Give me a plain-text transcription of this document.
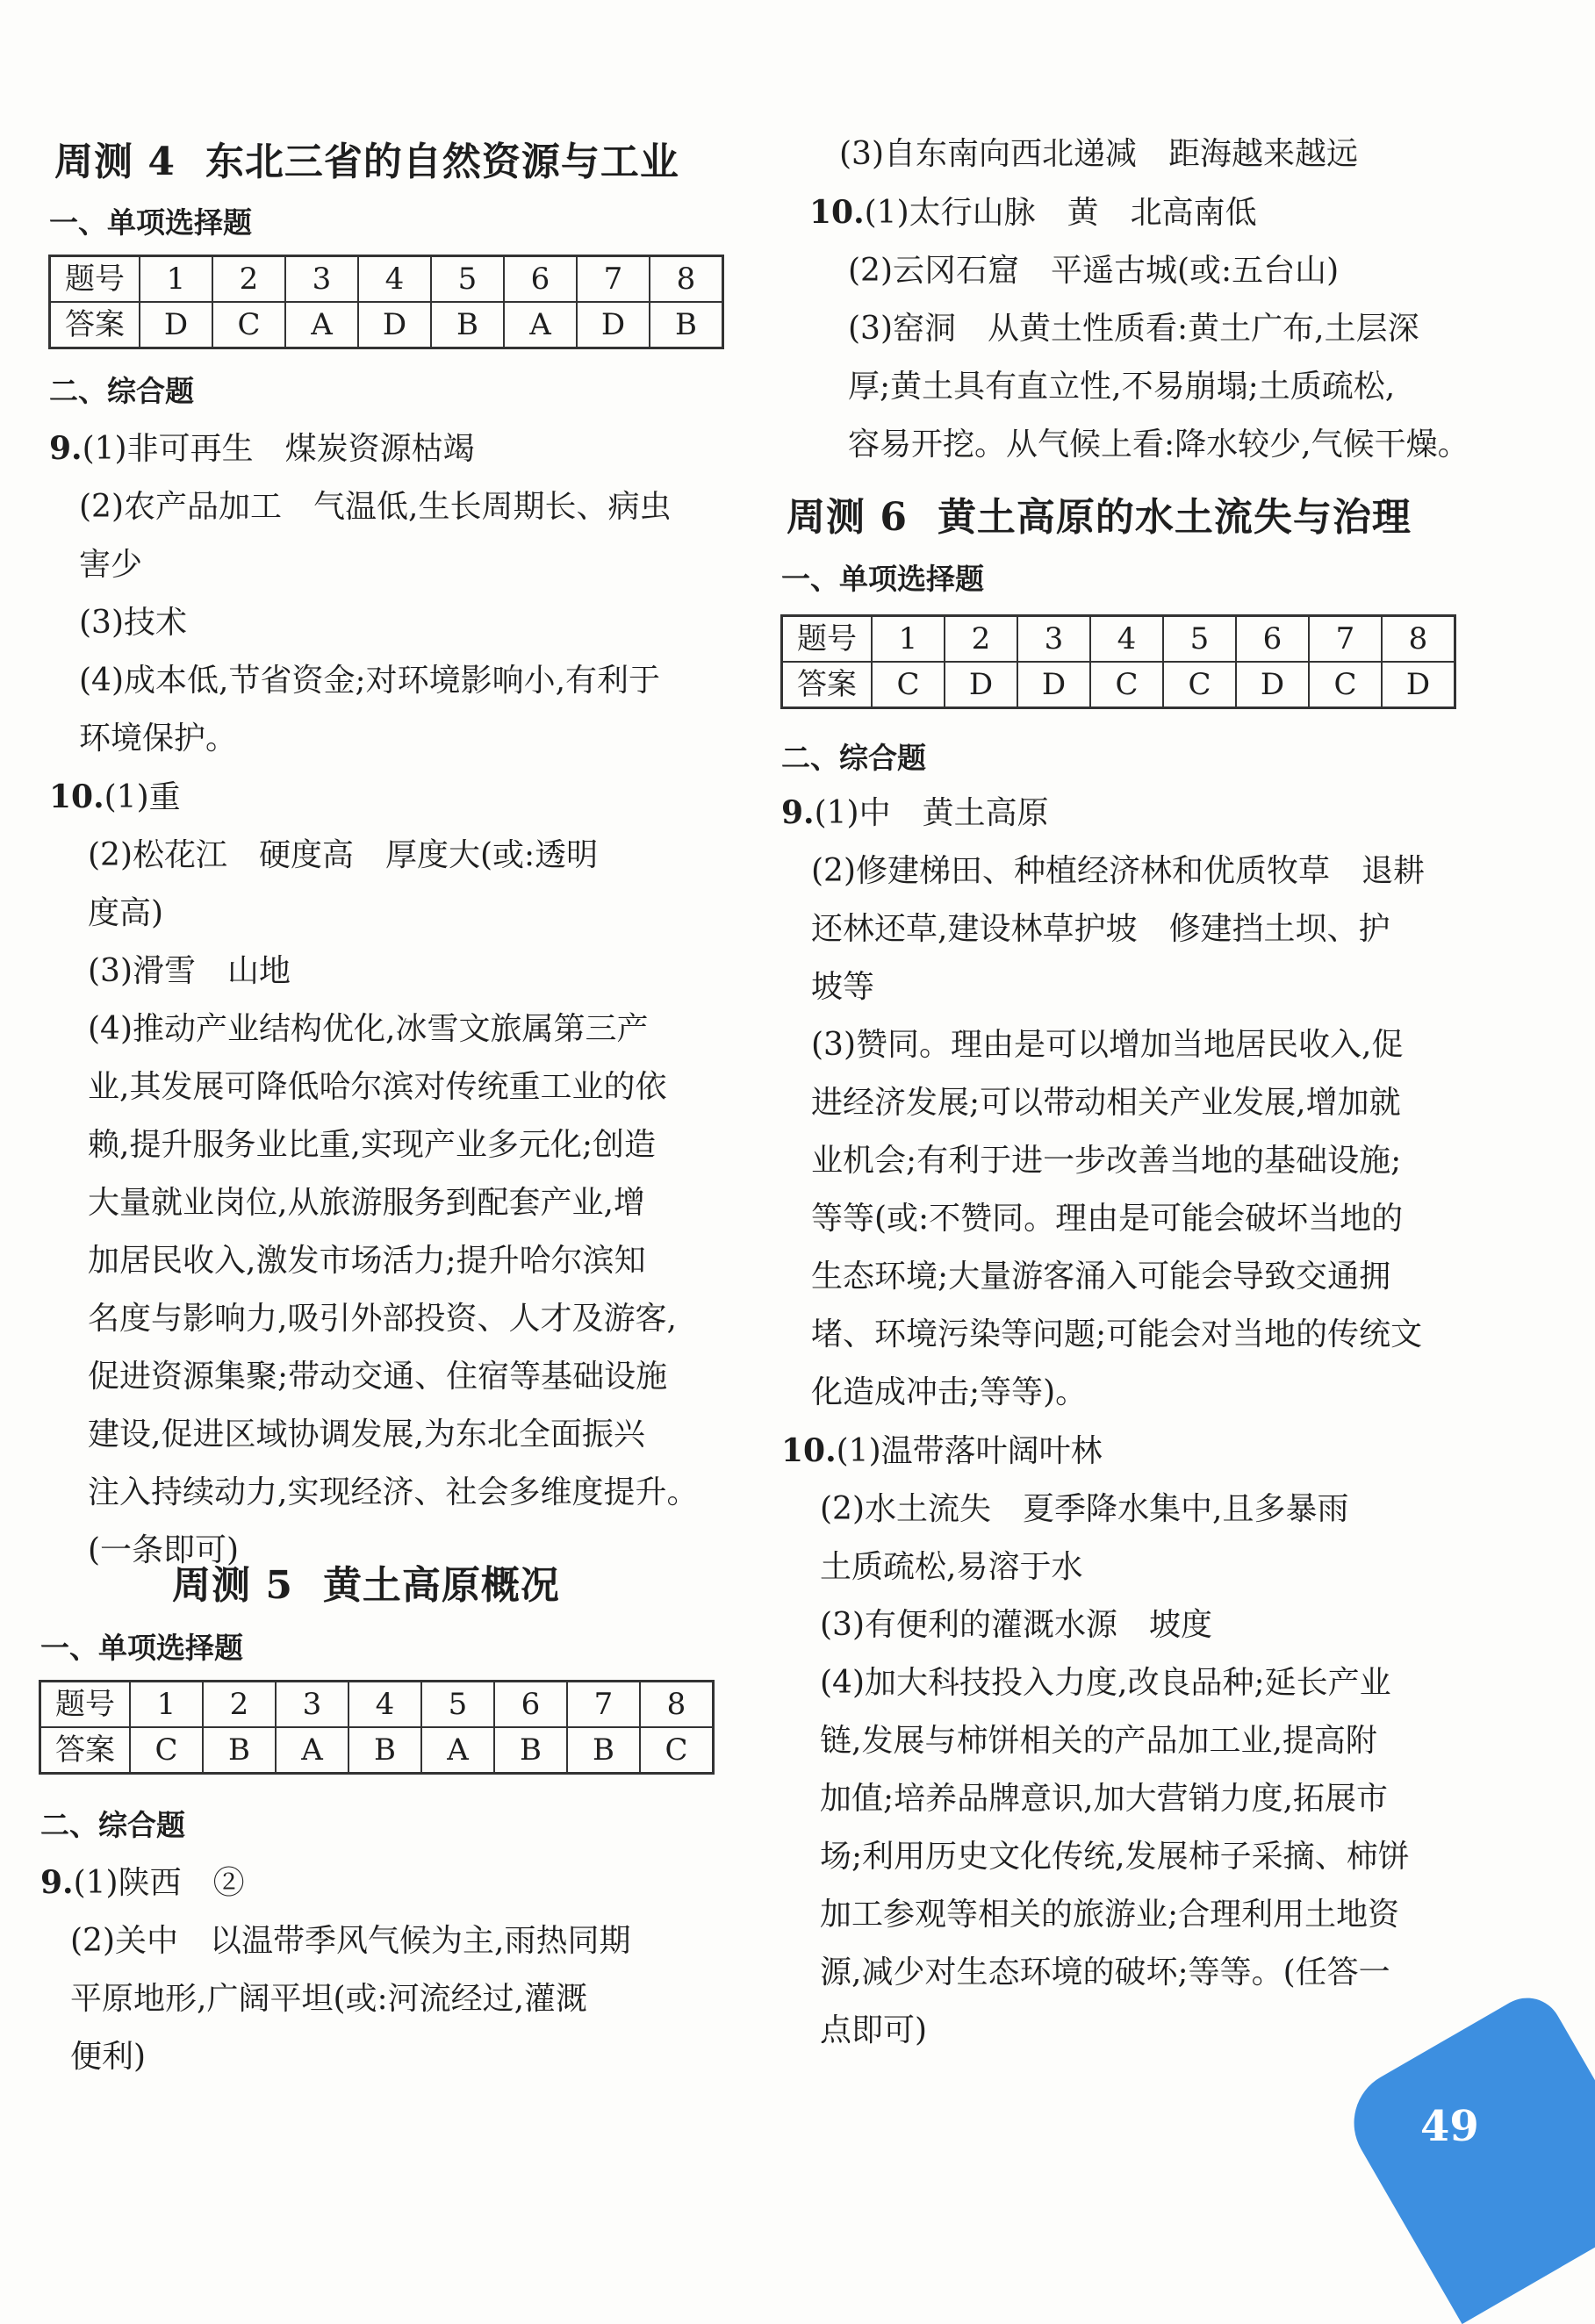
周测 4 东北三省的自然资源与工业
一、单项选择题
题号	1	2	3	4	5	6	7	8
答案	D	C	A	D	B	A	D	B
二、综合题

9.(1)非可再生　煤炭资源枯竭

(2)农产品加工　气温低,生长周期长、病虫

害少

(3)技术

(4)成本低,节省资金;对环境影响小,有利于

环境保护。

10.(1)重

(2)松花江　硬度高　厚度大(或:透明

度高)

(3)滑雪　山地

(4)推动产业结构优化,冰雪文旅属第三产

业,其发展可降低哈尔滨对传统重工业的依

赖,提升服务业比重,实现产业多元化;创造

大量就业岗位,从旅游服务到配套产业,增

加居民收入,激发市场活力;提升哈尔滨知

名度与影响力,吸引外部投资、人才及游客,

促进资源集聚;带动交通、住宿等基础设施

建设,促进区域协调发展,为东北全面振兴

注入持续动力,实现经济、社会多维度提升。

(一条即可)

周测 5 黄土高原概况
一、单项选择题
题号	1	2	3	4	5	6	7	8
答案	C	B	A	B	A	B	B	C
二、综合题

9.(1)陕西　②

(2)关中　以温带季风气候为主,雨热同期

平原地形,广阔平坦(或:河流经过,灌溉

便利)

(3)自东南向西北递减　距海越来越远

10.(1)太行山脉　黄　北高南低

(2)云冈石窟　平遥古城(或:五台山)

(3)窑洞　从黄土性质看:黄土广布,土层深

厚;黄土具有直立性,不易崩塌;土质疏松,

容易开挖。从气候上看:降水较少,气候干燥。

周测 6 黄土高原的水土流失与治理
一、单项选择题
题号	1	2	3	4	5	6	7	8
答案	C	D	D	C	C	D	C	D
二、综合题

9.(1)中　黄土高原

(2)修建梯田、种植经济林和优质牧草　退耕

还林还草,建设林草护坡　修建挡土坝、护

坡等

(3)赞同。理由是可以增加当地居民收入,促

进经济发展;可以带动相关产业发展,增加就

业机会;有利于进一步改善当地的基础设施;

等等(或:不赞同。理由是可能会破坏当地的

生态环境;大量游客涌入可能会导致交通拥

堵、环境污染等问题;可能会对当地的传统文

化造成冲击;等等)。

10.(1)温带落叶阔叶林

(2)水土流失　夏季降水集中,且多暴雨

土质疏松,易溶于水

(3)有便利的灌溉水源　坡度

(4)加大科技投入力度,改良品种;延长产业

链,发展与柿饼相关的产品加工业,提高附

加值;培养品牌意识,加大营销力度,拓展市

场;利用历史文化传统,发展柿子采摘、柿饼

加工参观等相关的旅游业;合理利用土地资

源,减少对生态环境的破坏;等等。(任答一

点即可)

49
